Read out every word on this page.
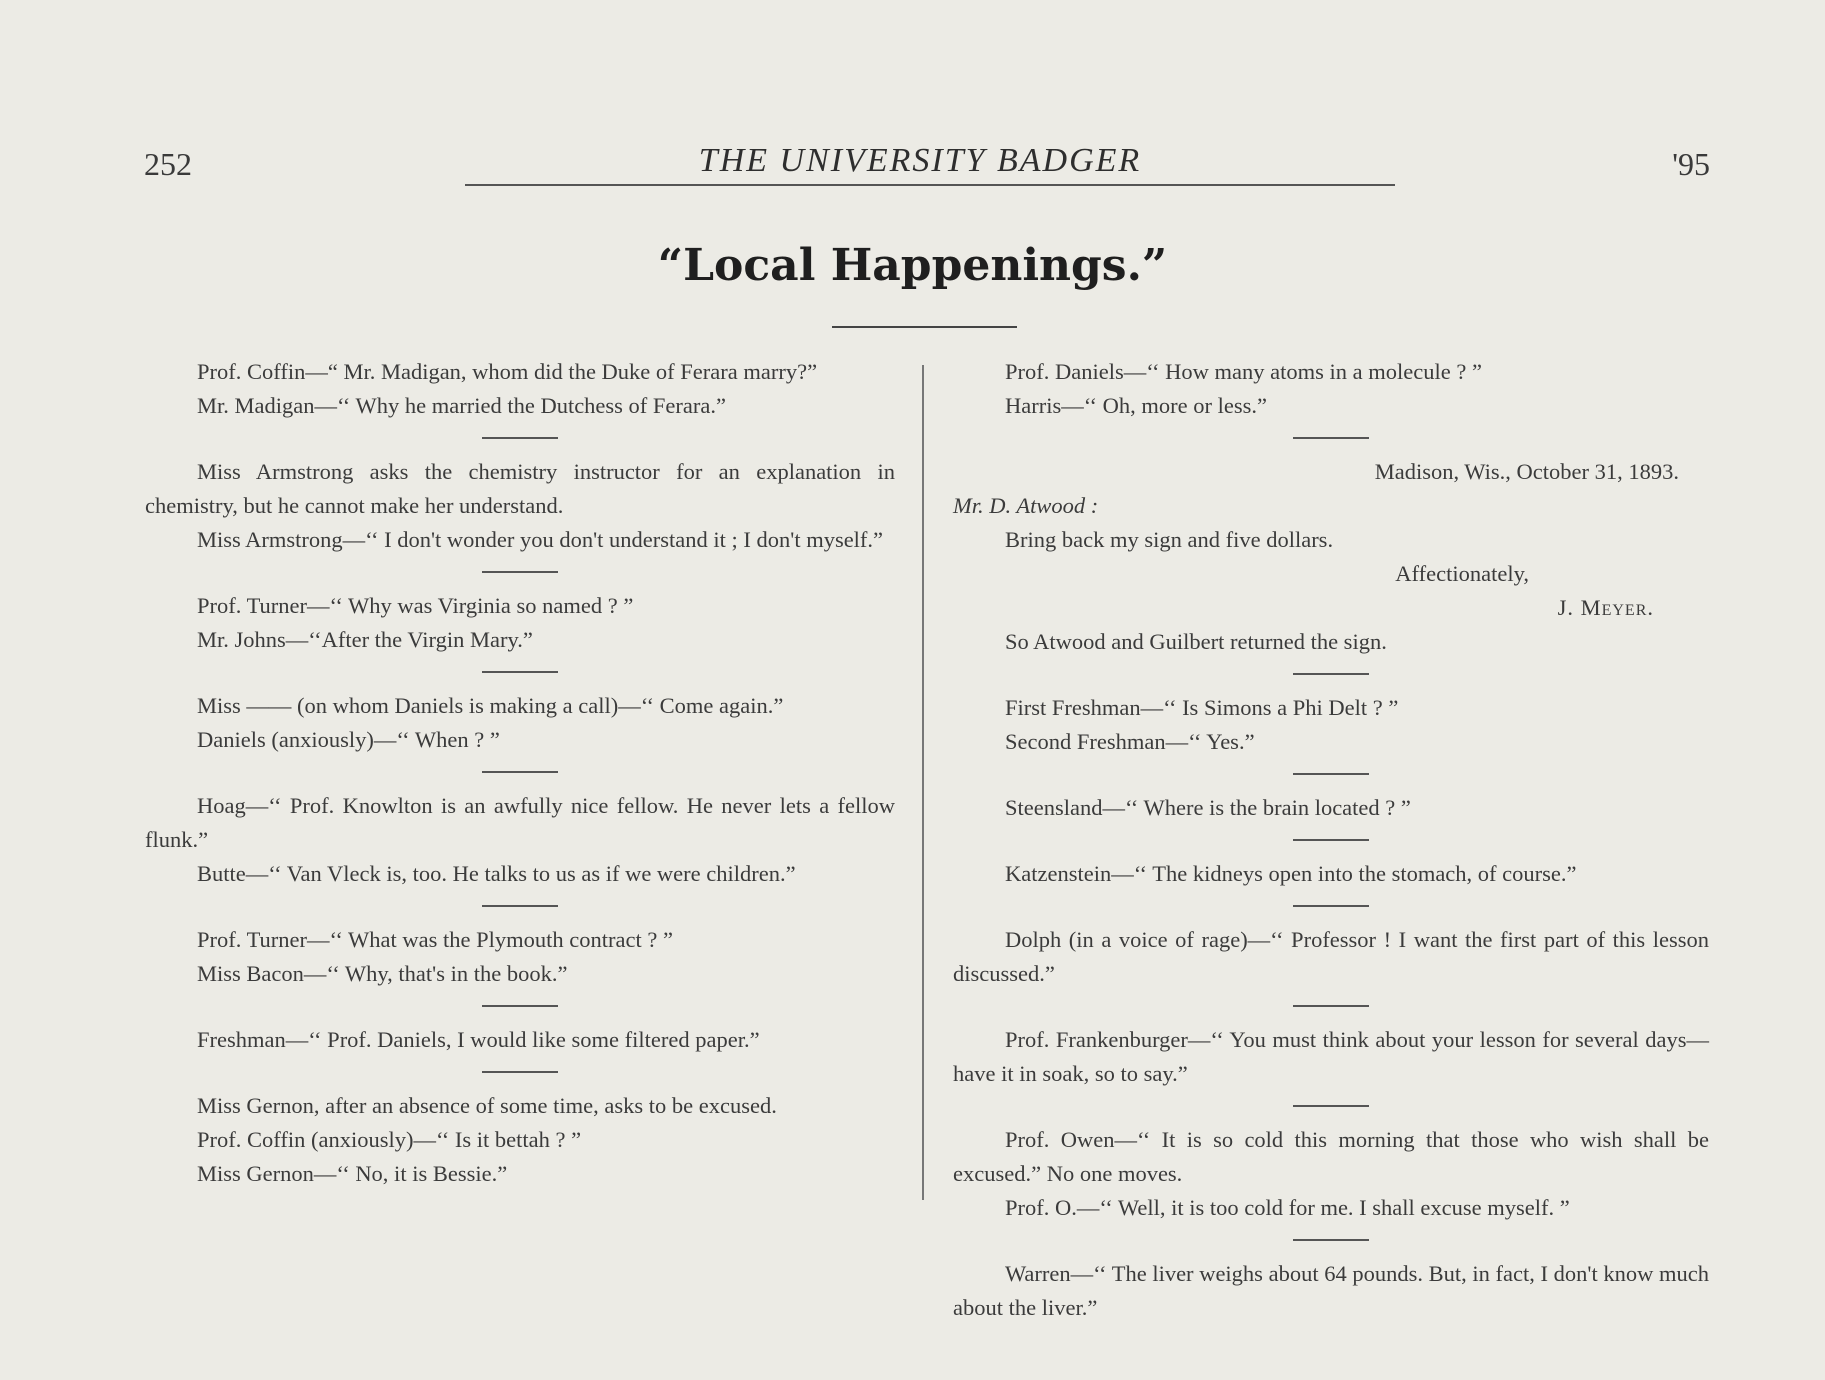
252	THE UNIVERSITY BADGER	'95
“Local Happenings.”

Prof. Coffin—“ Mr. Madigan, whom did the Duke of Ferara marry?”

Mr. Madigan—‘‘ Why he married the Dutchess of Ferara.”

Miss Armstrong asks the chemistry instructor for an explanation in chemistry, but he cannot make her understand.

Miss Armstrong—‘‘ I don't wonder you don't understand it ; I don't myself.”

Prof. Turner—‘‘ Why was Virginia so named ? ”

Mr. Johns—‘‘After the Virgin Mary.”

Miss —— (on whom Daniels is making a call)—‘‘ Come again.”

Daniels (anxiously)—‘‘ When ? ”

Hoag—‘‘ Prof. Knowlton is an awfully nice fellow. He never lets a fellow flunk.”

Butte—‘‘ Van Vleck is, too. He talks to us as if we were children.”

Prof. Turner—‘‘ What was the Plymouth contract ? ”

Miss Bacon—‘‘ Why, that's in the book.”

Freshman—‘‘ Prof. Daniels, I would like some filtered paper.”

Miss Gernon, after an absence of some time, asks to be excused.

Prof. Coffin (anxiously)—‘‘ Is it bettah ? ”

Miss Gernon—‘‘ No, it is Bessie.”

Prof. Daniels—‘‘ How many atoms in a molecule ? ”

Harris—‘‘ Oh, more or less.”

Madison, Wis., October 31, 1893.

Mr. D. Atwood :

Bring back my sign and five dollars.

Affectionately,

J. Meyer.

So Atwood and Guilbert returned the sign.

First Freshman—‘‘ Is Simons a Phi Delt ? ”

Second Freshman—‘‘ Yes.”

Steensland—‘‘ Where is the brain located ? ”

Katzenstein—‘‘ The kidneys open into the stomach, of course.”

Dolph (in a voice of rage)—‘‘ Professor ! I want the first part of this lesson discussed.”

Prof. Frankenburger—‘‘ You must think about your lesson for several days—have it in soak, so to say.”

Prof. Owen—‘‘ It is so cold this morning that those who wish shall be excused.” No one moves.

Prof. O.—‘‘ Well, it is too cold for me. I shall excuse myself. ”

Warren—‘‘ The liver weighs about 64 pounds. But, in fact, I don't know much about the liver.”
